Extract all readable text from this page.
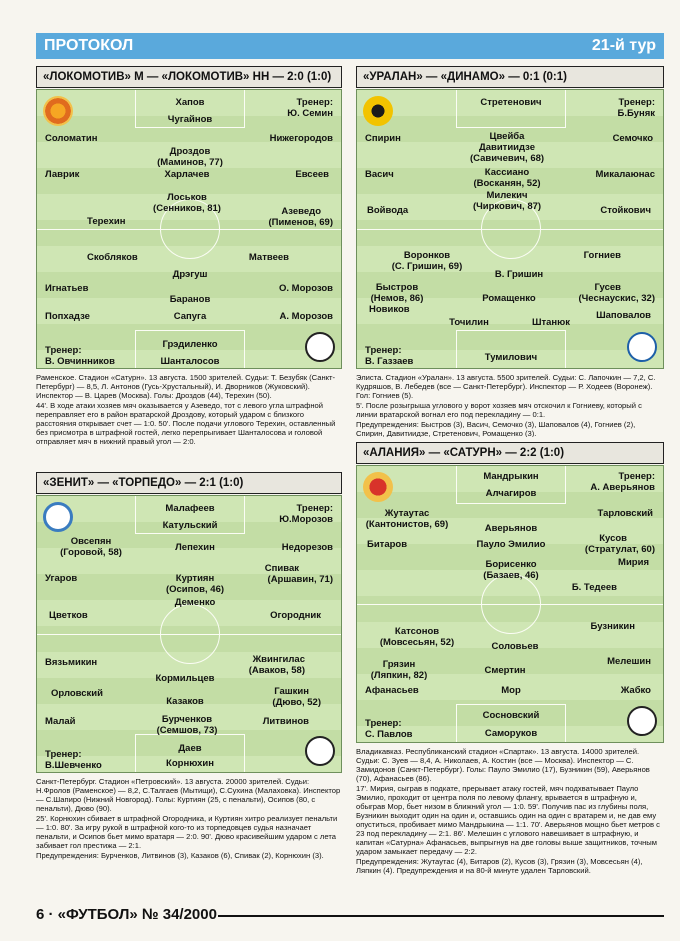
ПРОТОКОЛ	21-й тур
«ЛОКОМОТИВ» М — «ЛОКОМОТИВ» НН — 2:0 (1:0)
Хапов	Тренер:
Ю. Семин
Чугайнов
Соломатин	Нижегородов
Дроздов
(Маминов, 77)
Лаврик	Харлачев	Евсеев
Лоськов
(Сенников, 81)	Азеведо
Терехин	(Пименов, 69)
Скобляков	Матвеев
Дрэгуш
Игнатьев	О. Морозов
Баранов
Попхадзе	Сапуга	А. Морозов
Грэдиленко
Тренер:
В. Овчинников	Шанталосов

Раменское. Стадион «Сатурн». 13 августа. 1500 зрителей. Судьи: Т. Безубяк (Санкт-Петербург) — 8,5, Л. Антонов (Гусь-Хрустальный), И. Дворников (Жуковский). Инспектор — В. Царев (Москва). Голы: Дроздов (44), Терехин (50).

44'. В ходе атаки хозяев мяч оказывается у Азеведо, тот с левого угла штрафной переправляет его в район вратарской Дроздову, который ударом с близкого расстояния открывает счет — 1:0. 50'. После подачи углового Терехин, оставленный без присмотра в штрафной гостей, легко перепрыгивает Шанталосова и головой отправляет мяч в нижний правый угол — 2:0.

«УРАЛАН» — «ДИНАМО» — 0:1 (0:1)
Стретенович	Тренер:
Б.Буняк
Спирин	Цвейба	Семочко
Давитиидзе
(Савичевич, 68)
Васич	Кассиано
(Восканян, 52)
Микалаюнас
Милекич
(Чиркович, 87)
Войвода	Стойкович
Воронков
(С. Гришин, 69)
Гогниев
В. Гришин
Быстров
(Немов, 86)
Гусев
(Чеснаускис, 32)
Ромащенко
Новиков
Шаповалов
Точилин	Штанюк
Тренер:
В. Газзаев	Тумилович

Элиста. Стадион «Уралан». 13 августа. 5500 зрителей. Судьи: С. Лапочкин — 7,2, С. Кудряшов, В. Лебедев (все — Санкт-Петербург). Инспектор — Р. Ходеев (Воронеж). Гол: Гогниев (5).

5'. После розыгрыша углового у ворот хозяев мяч отскочил к Гогниеву, который с линии вратарской вогнал его под перекладину — 0:1.

Предупреждения: Быстров (3), Васич, Семочко (3), Шаповалов (4), Гогниев (2), Спирин, Давитиидзе, Стретенович, Ромащенко (3).

«ЗЕНИТ» — «ТОРПЕДО» — 2:1 (1:0)
Малафеев	Тренер:
Ю.Морозов
Катульский
Овсепян
(Горовой, 58)	Лепехин	Недорезов
Угаров	Куртиян
(Осипов, 46)
Спивак
(Аршавин, 71)
Деменко
Цветков	Огородник
Вязьмикин	Жвингилас
(Аваков, 58)
Кормильцев
Орловский	Гашкин
Казаков	(Дюво, 52)
Малай	Бурченков
(Семшов, 73)
Литвинов
Даев
Тренер:
В.Шевченко	Корнюхин

Санкт-Петербург. Стадион «Петровский». 13 августа. 20000 зрителей. Судьи: Н.Фролов (Раменское) — 8,2, С.Талгаев (Мытищи), С.Сухина (Малаховка). Инспектор — С.Шапиро (Нижний Новгород). Голы: Куртиян (25, с пенальти), Осипов (80, с пенальти), Дюво (90).

25'. Корнюхин сбивает в штрафной Огородника, и Куртиян хитро реализует пенальти — 1:0. 80'. За игру рукой в штрафной кого-то из торпедовцев судья назначает пенальти, и Осипов бьет мимо вратаря — 2:0. 90'. Дюво красивейшим ударом с лета забивает гол престижа — 2:1.

Предупреждения: Бурченков, Литвинов (3), Казаков (6), Спивак (2), Корнюхин (3).

«АЛАНИЯ» — «САТУРН» — 2:2 (1:0)
Мандрыкин	Тренер:
А. Аверьянов
Алчагиров
Жутаутас
(Кантонистов, 69)
Тарловский
Аверьянов
Битаров	Пауло Эмилио
Кусов
(Стратулат, 60)
Борисенко
(Базаев, 46)
Мирия
Б. Тедеев
Бузникин
Катсонов
(Мовсесьян, 52)	Соловьев
Грязин
(Ляпкин, 82)
Мелешин
Смертин
Афанасьев	Мор	Жабко
Сосновский
Тренер:
С. Павлов	Самоpуков

Владикавказ. Республиканский стадион «Спартак». 13 августа. 14000 зрителей. Судьи: С. Зуев — 8,4, А. Николаев, А. Костин (все — Москва). Инспектор — С. Замидонов (Санкт-Петербург). Голы: Пауло Эмилио (17), Бузникин (59), Аверьянов (70), Афанасьев (86).

17'. Мирия, сыграв в подкате, прерывает атаку гостей, мяч подхватывает Пауло Эмилио, проходит от центра поля по левому флангу, врывается в штрафную и, обыграв Мор, бьет низом в ближний угол — 1:0. 59'. Получив пас из глубины поля, Бузникин выходит один на один и, оставшись один на один с вратарем и, не дав ему опуститься, пробивает мимо Мандрыкина — 1:1. 70'. Аверьянов мощно бьет метров с 23 под перекладину — 2:1. 86'. Мелешин с углового навешивает в штрафную, и капитан «Сатурна» Афанасьев, выпрыгнув на две головы выше защитников, точным ударом замыкает передачу — 2:2.

Предупреждения: Жутаутас (4), Битаров (2), Кусов (3), Грязин (3), Мовсесьян (4), Ляпкин (4). Предупреждения и на 80-й минуте удален Тарловский.

6 · «ФУТБОЛ» № 34/2000
